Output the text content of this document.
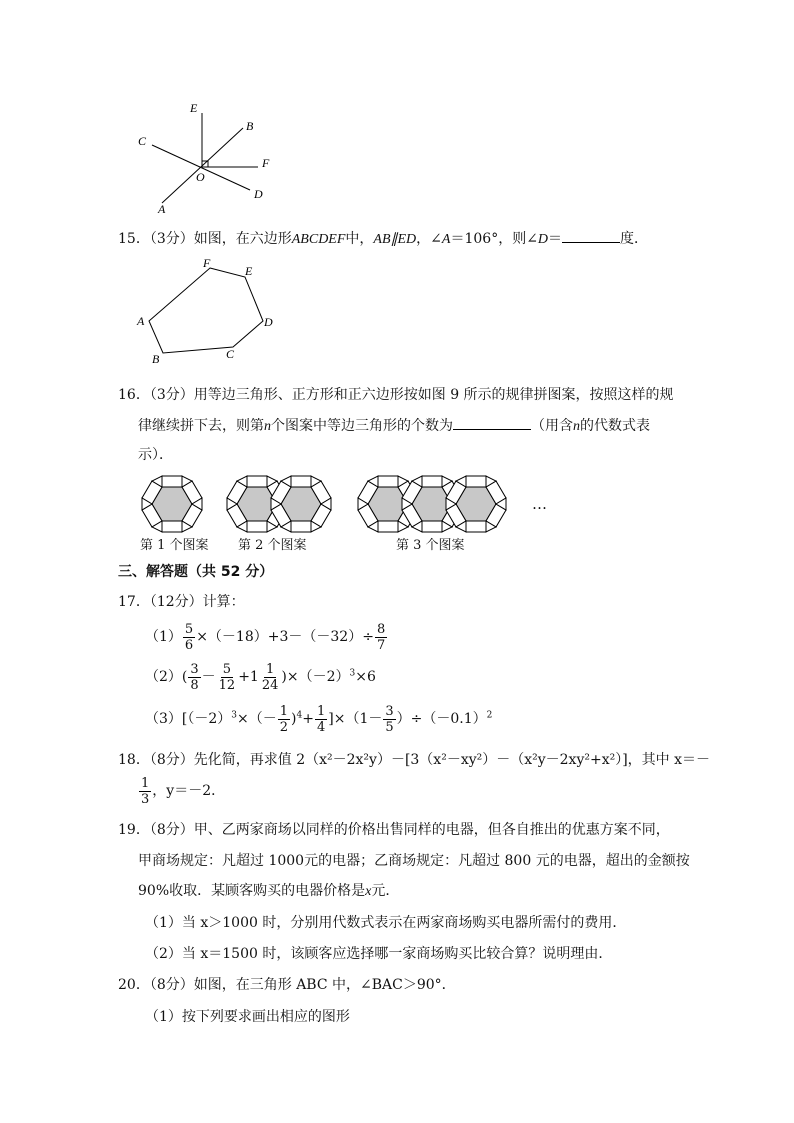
E
B
C
F
O
D
A
15．（3分）如图，在六边形ABCDEF中，AB∥ED，∠A＝106°，则∠D＝	度．
F
E
A	D
B	C
16．（3分）用等边三角形、正方形和正六边形按如图 9 所示的规律拼图案，按照这样的规
律继续拼下去，则第n个图案中等边三角形的个数为	（用含n的代数式表
示）．
…
第 1 个图案 第 2 个图案	第 3 个图案
三、解答题（共 52 分）
17．（12分）计算：
$(1) \frac{5}{6} \times(-18)+3-(-32)\div \frac{8}{7}$
$(2)( \frac{3}{8} - \frac{5}{12} +1 \frac{1}{24} )\times(-2)^3\times 6$
$(3)[(-2)^3\times(- \frac{1}{2} )^4+ \frac{1}{4} ]\times(1- \frac{3}{5} )\div(-0.1)^2$
18．（8分）先化简，再求值 2（x²－2x²y）－[3（x²－xy²）－（x²y－2xy²+x²）]，其中 x＝－
$\frac{1}{3}$ ，y＝－2．
19．（8分）甲、乙两家商场以同样的价格出售同样的电器，但各自推出的优惠方案不同，
甲商场规定：凡超过 1000元的电器；乙商场规定：凡超过 800 元的电器，超出的金额按
90%收取．某顾客购买的电器价格是x元．
（1）当 x＞1000 时，分别用代数式表示在两家商场购买电器所需付的费用．
（2）当 x＝1500 时，该顾客应选择哪一家商场购买比较合算？说明理由．
20．（8分）如图，在三角形 ABC 中，∠BAC＞90°．
（1）按下列要求画出相应的图形
